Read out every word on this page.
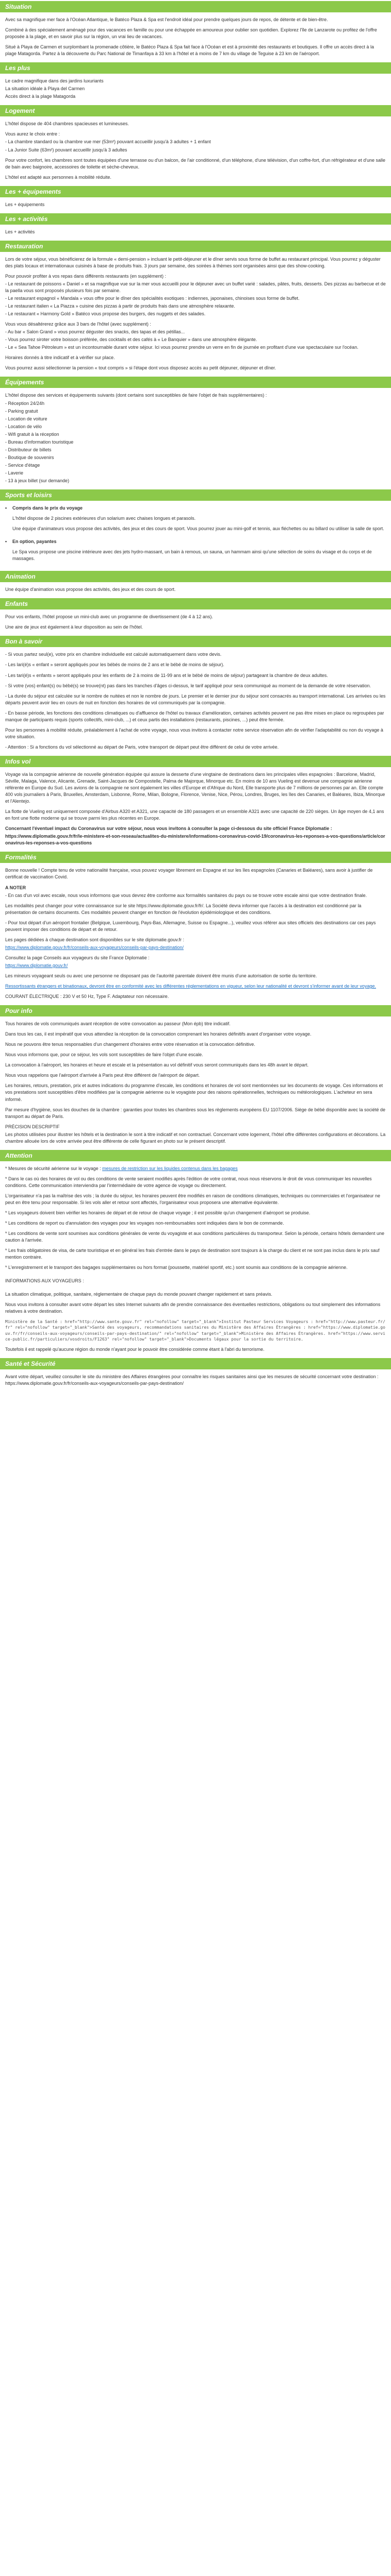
Situation

Avec sa magnifique mer face à l'Océan Atlantique, le Batéco Plaza & Spa est l'endroit idéal pour prendre quelques jours de repos, de détente et de bien-être.

Combiné à des spécialement aménagé pour des vacances en famille ou pour une échappée en amoureux pour oublier son quotidien. Explorez l'île de Lanzarote ou profitez de l'offre proposée à la plage, et en savoir plus sur la région, un vrai lieu de vacances.

Situé à Playa de Carmen et surplombant la promenade côtière, le Batéco Plaza & Spa fait face à l'Océan et est à proximité des restaurants et boutiques. Il offre un accès direct à la plage Matagorda. Partez à la découverte du Parc National de Timanfaya à 33 km à l'hôtel et à moins de 7 km du village de Teguise à 23 km de l'aéroport.

Les plus
Le cadre magnifique dans des jardins luxuriants
La situation idéale à Playa del Carmen
Accès direct à la plage Matagorda
Logement

L'hôtel dispose de 404 chambres spacieuses et lumineuses.

Vous aurez le choix entre :

- La chambre standard ou la chambre vue mer (53m²) pouvant accueillir jusqu'à 3 adultes + 1 enfant
- La Junior Suite (63m²) pouvant accueillir jusqu'à 3 adultes

Pour votre confort, les chambres sont toutes équipées d'une terrasse ou d'un balcon, de l'air conditionné, d'un téléphone, d'une télévision, d'un coffre-fort, d'un réfrigérateur et d'une salle de bain avec baignoire, accessoires de toilette et sèche-cheveux.

L'hôtel est adapté aux personnes à mobilité réduite.

Les + équipements

Les + équipements

Les + activités

Les + activités

Restauration

Lors de votre séjour, vous bénéficierez de la formule « demi-pension » incluant le petit-déjeuner et le dîner servis sous forme de buffet au restaurant principal. Vous pourrez y déguster des plats locaux et internationaux cuisinés à base de produits frais. 3 jours par semaine, des soirées à thèmes sont organisées ainsi que des show-cooking.

Pour pouvoir profiter à vos repas dans différents restaurants (en supplément) :

- Le restaurant de poissons « Daniel » et sa magnifique vue sur la mer vous accueilli pour le déjeuner avec un buffet varié : salades, pâtes, fruits, desserts. Des pizzas au barbecue et de la paella vous sont proposés plusieurs fois par semaine.
- Le restaurant espagnol « Mandala » vous offre pour le dîner des spécialités exotiques : indiennes, japonaises, chinoises sous forme de buffet.
- Le restaurant italien « La Piazza » cuisine des pizzas à partir de produits frais dans une atmosphère relaxante.
- Le restaurant « Harmony Gold » Batéco vous propose des burgers, des nuggets et des salades.

Vous vous désaltérerez grâce aux 3 bars de l'hôtel (avec supplément) :

- Au bar « Salon Grand » vous pourrez déguster des snacks, des tapas et des pétillas...
- Vous pourrez siroter votre boisson préférée, des cocktails et des cafés à « Le Banquier » dans une atmosphère élégante.
- Le « Sea Tahoe Pétroleum » est un incontournable durant votre séjour. Ici vous pourrez prendre un verre en fin de journée en profitant d'une vue spectaculaire sur l'océan.

Horaires donnés à titre indicatif et à vérifier sur place.

Vous pourrez aussi sélectionner la pension « tout compris » si l'étape dont vous disposez accès au petit déjeuner, déjeuner et dîner.

Équipements

L'hôtel dispose des services et équipements suivants (dont certains sont susceptibles de faire l'objet de frais supplémentaires) :

- Réception 24/24h
- Parking gratuit
- Location de voiture
- Location de vélo
- Wifi gratuit à la réception
- Bureau d'information touristique
- Distributeur de billets
- Boutique de souvenirs
- Service d'étage
- Laverie
- 13 à jeux billet (sur demande)
Sports et loisirs
•	Compris dans le prix du voyage

L'hôtel dispose de 2 piscines extérieures d'un solarium avec chaises longues et parasols.

Une équipe d'animateurs vous propose des activités, des jeux et des cours de sport. Vous pourrez jouer au mini-golf et tennis, aux fléchettes ou au billard ou utiliser la salle de sport.

•	En option, payantes

Le Spa vous propose une piscine intérieure avec des jets hydro-massant, un bain à remous, un sauna, un hammam ainsi qu'une sélection de soins du visage et du corps et de massages.

Animation

Une équipe d'animation vous propose des activités, des jeux et des cours de sport.

Enfants

Pour vos enfants, l'hôtel propose un mini-club avec un programme de divertissement (de 4 à 12 ans).

Une aire de jeux est également à leur disposition au sein de l'hôtel.

Bon à savoir

- Si vous partez seul(e), votre prix en chambre individuelle est calculé automatiquement dans votre devis.

- Les lari(é)s « enfant » seront appliqués pour les bébés de moins de 2 ans et le bébé de moins de séjour).

- Les tari(é)s « enfants » seront appliqués pour les enfants de 2 à moins de 11-99 ans et le bébé de moins de séjour) partageant la chambre de deux adultes.

- Si votre (vos) enfant(s) ou bébé(s) se trouve(nt) pas dans les tranches d'âges ci-dessus, le tarif appliqué pour sera communiqué au moment de la demande de votre réservation.

- La durée du séjour est calculée sur le nombre de nuitées et non le nombre de jours. Le premier et le dernier jour du séjour sont consacrés au transport international. Les arrivées ou les départs peuvent avoir lieu en cours de nuit en fonction des horaires de vol communiqués par la compagnie.

- En basse période, les fonctions des conditions climatiques ou d'affluence de l'hôtel ou travaux d'amélioration, certaines activités peuvent ne pas être mises en place ou regroupées par manque de participants requis (sports collectifs, mini-club, ...) et ceux partis des installations (restaurants, piscines, ...) peut être fermée.

Pour les personnes à mobilité réduite, préalablement à l'achat de votre voyage, nous vous invitons à contacter notre service réservation afin de vérifier l'adaptabilité ou non du voyage à votre situation.

- Attention : Si a fonctions du vol sélectionné au départ de Paris, votre transport de départ peut être différent de celui de votre arrivée.

Infos vol

Voyage via la compagnie aérienne de nouvelle génération équipée qui assure la desserte d'une vingtaine de destinations dans les principales villes espagnoles : Barcelone, Madrid, Séville, Malaga, Valence, Alicante, Grenade, Saint-Jacques de Compostelle, Palma de Majorque, Minorque etc. En moins de 10 ans Vueling est devenue une compagnie aérienne référente en Europe du Sud. Les avions de la compagnie ne sont également les villes d'Europe et d'Afrique du Nord, Elle transporte plus de 7 millions de personnes par an. Elle compte 400 vols journaliers à Paris, Bruxelles, Amsterdam, Lisbonne, Rome, Milan, Bologne, Florence, Venise, Nice, Pérou, Londres, Bruges, les îles des Canaries, et Baléares, Ibiza, Minorque et l'Alentejo.

La flotte de Vueling est uniquement composée d'Airbus A320 et A321, une capacité de 180 passagers et un ensemble A321 avec une capacité de 220 sièges. Un âge moyen de 4,1 ans en font une flotte moderne qui se trouve parmi les plus récentes en Europe.

Concernant l'éventuel impact du Coronavirus sur votre séjour, nous vous invitons à consulter la page ci-dessous du site officiel France Diplomatie :

https://www.diplomatie.gouv.fr/fr/le-ministere-et-son-reseau/actualites-du-ministere/informations-coronavirus-covid-19/coronavirus-les-reponses-a-vos-questions/article/coronavirus-les-reponses-a-vos-questions

Formalités

Bonne nouvelle ! Compte tenu de votre nationalité française, vous pouvez voyager librement en Espagne et sur les îles espagnoles (Canaries et Baléares), sans avoir à justifier de certificat de vaccination Covid.

A NOTER

- En cas d'un vol avec escale, nous vous informons que vous devrez être conforme aux formalités sanitaires du pays ou se trouve votre escale ainsi que votre destination finale.

Les modalités peut changer pour votre connaissance sur le site https://www.diplomatie.gouv.fr/fr/. La Société devra informer que l'accès à la destination est conditionné par la présentation de certains documents. Ces modalités peuvent changer en fonction de l'évolution épidémiologique et des conditions.

- Pour tout départ d'un aéroport frontalier (Belgique, Luxembourg, Pays-Bas, Allemagne, Suisse ou Espagne...), veuillez vous référer aux sites officiels des destinations car ces pays peuvent imposer des conditions de départ et de retour.

Les pages dédiées à chaque destination sont disponibles sur le site diplomatie.gouv.fr :

https://www.diplomatie.gouv.fr/fr/conseils-aux-voyageurs/conseils-par-pays-destination/

Consultez la page Conseils aux voyageurs du site France Diplomatie :

https://www.diplomatie.gouv.fr/

Les mineurs voyageant seuls ou avec une personne ne disposant pas de l'autorité parentale doivent être munis d'une autorisation de sortie du territoire.

Ressortissants étrangers et binationaux, devront être en conformité avec les différentes réglementations en vigueur, selon leur nationalité et devront s'informer avant de leur voyage.

COURANT ÉLECTRIQUE : 230 V et 50 Hz, Type F. Adaptateur non nécessaire.

Pour info

Tous horaires de vols communiqués avant réception de votre convocation au passeur (Mon épb) titre indicatif.

Dans tous les cas, il est impératif que vous attendiez la réception de la convocation comprenant les horaires définitifs avant d'organiser votre voyage.

Nous ne pouvons être tenus responsables d'un changement d'horaires entre votre réservation et la convocation définitive.

Nous vous informons que, pour ce séjour, les vols sont susceptibles de faire l'objet d'une escale.

La convocation à l'aéroport, les horaires et heure et escale et la présentation au vol définitif vous seront communiqués dans les 48h avant le départ.

Nous vous rappelons que l'aéroport d'arrivée à Paris peut être différent de l'aéroport de départ.

Les horaires, retours, prestation, prix et autres indications du programme d'escale, les conditions et horaires de vol sont mentionnées sur les documents de voyage. Ces informations et vos prestations sont susceptibles d'être modifiées par la compagnie aérienne ou le voyagiste pour des raisons opérationnelles, techniques ou météorologiques. L'acheteur en sera informé.

Par mesure d'hygiène, sous les douches de la chambre : garanties pour toutes les chambres sous les règlements européens EU 1107/2006. Siège de bébé disponible avec la société de transport au départ de Paris.

PRÉCISION DESCRIPTIF

Les photos utilisées pour illustrer les hôtels et la destination le sont à titre indicatif et non contractuel. Concernant votre logement, l'hôtel offre différentes configurations et décorations. La chambre allouée lors de votre arrivée peut être différente de celle figurant en photo sur le présent descriptif.

Attention

* Mesures de sécurité aérienne sur le voyage : mesures de restriction sur les liquides contenus dans les bagages

* Dans le cas où des horaires de vol ou des conditions de vente seraient modifiés après l'édition de votre contrat, nous nous réservons le droit de vous communiquer les nouvelles conditions. Cette communication interviendra par l'intermédiaire de votre agence de voyage ou directement.

L'organisateur n'a pas la maîtrise des vols ; la durée du séjour, les horaires peuvent être modifiés en raison de conditions climatiques, techniques ou commerciales et l'organisateur ne peut en être tenu pour responsable. Si les vols aller et retour sont affectés, l'organisateur vous proposera une alternative équivalente.

* Les voyageurs doivent bien vérifier les horaires de départ et de retour de chaque voyage ; il est possible qu'un changement d'aéroport se produise.

* Les conditions de report ou d'annulation des voyages pour les voyages non-remboursables sont indiquées dans le bon de commande.

* Les conditions de vente sont soumises aux conditions générales de vente du voyagiste et aux conditions particulières du transporteur. Selon la période, certains hôtels demandent une caution à l'arrivée.

* Les frais obligatoires de visa, de carte touristique et en général les frais d'entrée dans le pays de destination sont toujours à la charge du client et ne sont pas inclus dans le prix sauf mention contraire.

* L'enregistrement et le transport des bagages supplémentaires ou hors format (poussette, matériel sportif, etc.) sont soumis aux conditions de la compagnie aérienne.

INFORMATIONS AUX VOYAGEURS :

La situation climatique, politique, sanitaire, réglementaire de chaque pays du monde pouvant changer rapidement et sans préavis.

Nous vous invitons à consulter avant votre départ les sites Internet suivants afin de prendre connaissance des éventuelles restrictions, obligations ou tout simplement des informations relatives à votre destination.

Ministère de la Santé : href="http://www.sante.gouv.fr" rel="nofollow" target="_blank">Institut Pasteur Services Voyageurs : href="http://www.pasteur.fr/fr" rel="nofollow" target="_blank">Santé des voyageurs, recommandations sanitaires du Ministère des Affaires Étrangères : href="https://www.diplomatie.gouv.fr/fr/conseils-aux-voyageurs/conseils-par-pays-destination/" rel="nofollow" target="_blank">Ministère des Affaires Étrangères. href="https://www.service-public.fr/particuliers/vosdroits/F1263" rel="nofollow" target="_blank">Documents légaux pour la sortie du territoire.

Toutefois il est rappelé qu'aucune région du monde n'ayant pour le pouvoir être considérée comme étant à l'abri du terrorisme.

Santé et Sécurité

Avant votre départ, veuillez consulter le site du ministère des Affaires étrangères pour connaître les risques sanitaires ainsi que les mesures de sécurité concernant votre destination : https://www.diplomatie.gouv.fr/fr/conseils-aux-voyageurs/conseils-par-pays-destination/
